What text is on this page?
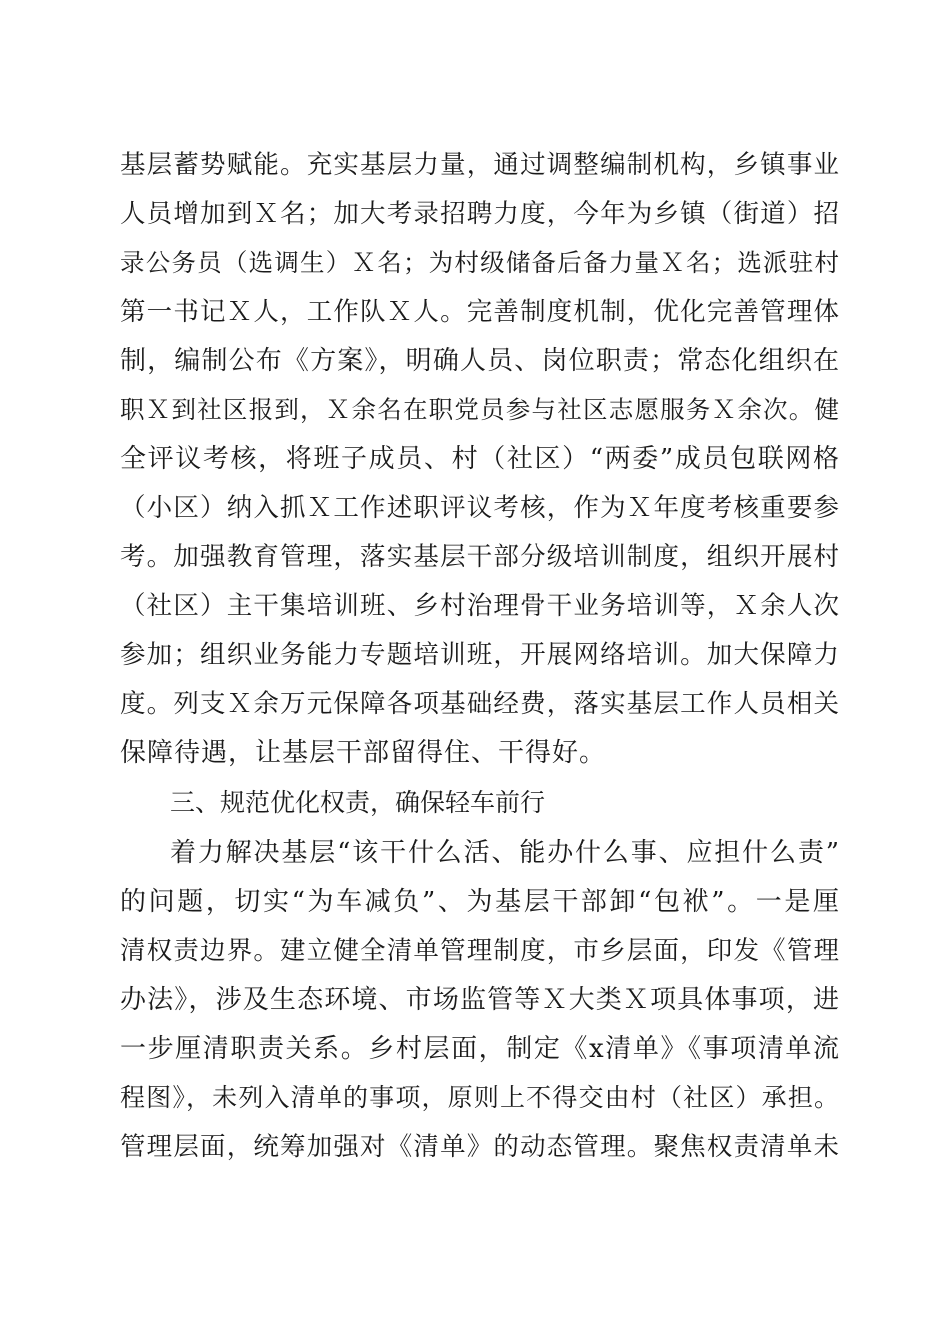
基层蓄势赋能。充实基层力量，通过调整编制机构，乡镇事业
人员增加到Ｘ名；加大考录招聘力度，今年为乡镇（街道）招
录公务员（选调生）Ｘ名；为村级储备后备力量Ｘ名；选派驻村
第一书记Ｘ人，工作队Ｘ人。完善制度机制，优化完善管理体
制，编制公布《方案》，明确人员、岗位职责；常态化组织在
职Ｘ到社区报到，Ｘ余名在职党员参与社区志愿服务Ｘ余次。健
全评议考核，将班子成员、村（社区）“两委”成员包联网格
（小区）纳入抓Ｘ工作述职评议考核，作为Ｘ年度考核重要参
考。加强教育管理，落实基层干部分级培训制度，组织开展村
（社区）主干集培训班、乡村治理骨干业务培训等，Ｘ余人次
参加；组织业务能力专题培训班，开展网络培训。加大保障力
度。列支Ｘ余万元保障各项基础经费，落实基层工作人员相关
保障待遇，让基层干部留得住、干得好。
三、规范优化权责，确保轻车前行
着力解决基层“该干什么活、能办什么事、应担什么责”
的问题，切实“为车减负”、为基层干部卸“包袱”。一是厘
清权责边界。建立健全清单管理制度，市乡层面，印发《管理
办法》，涉及生态环境、市场监管等Ｘ大类Ｘ项具体事项，进
一步厘清职责关系。乡村层面，制定《x清单》《事项清单流
程图》，未列入清单的事项，原则上不得交由村（社区）承担。
管理层面，统筹加强对《清单》的动态管理。聚焦权责清单未
